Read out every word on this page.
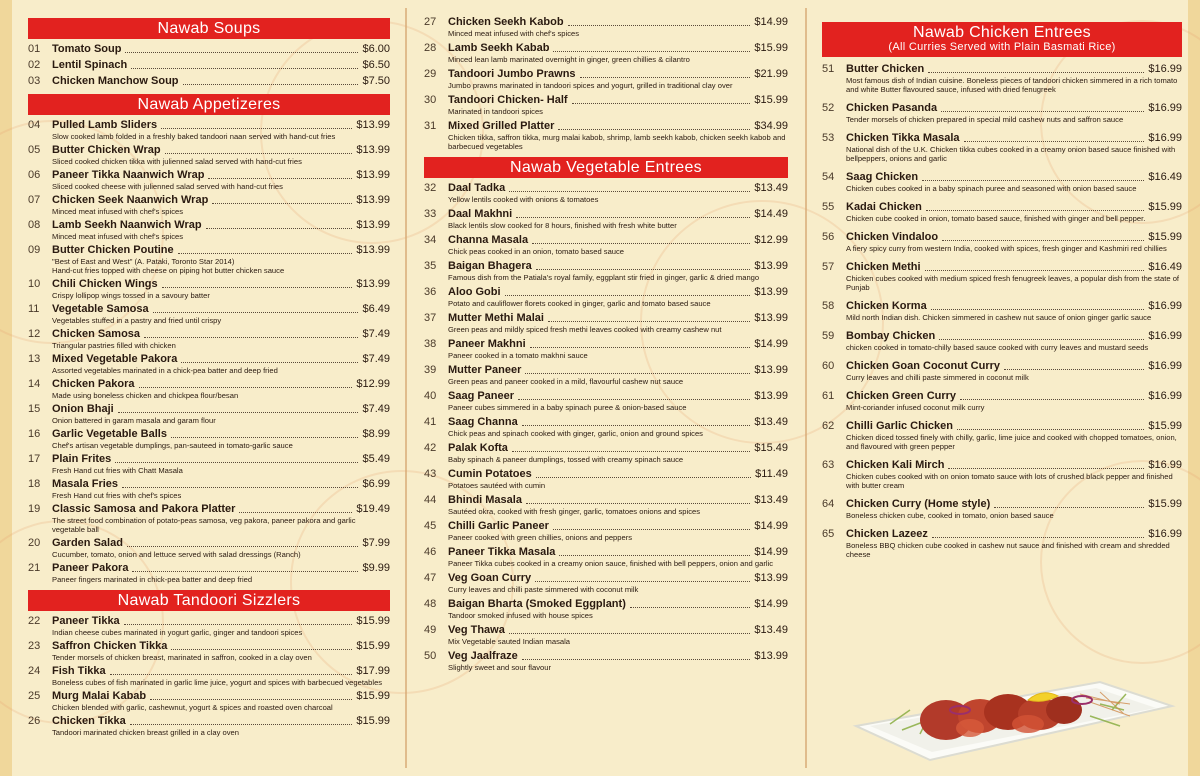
Nawab Soups
01	Tomato Soup	$6.00
02	Lentil Spinach	$6.50
03	Chicken Manchow Soup	$7.50
Nawab Appetizeres
04	Pulled Lamb Sliders	$13.99
Slow cooked lamb folded in a freshly baked tandoori naan served with hand-cut fries
05	Butter Chicken Wrap	$13.99
Sliced cooked chicken tikka with julienned salad served with hand-cut fries
06	Paneer Tikka Naanwich Wrap	$13.99
Sliced cooked cheese with julienned salad served with hand-cut fries
07	Chicken Seek Naanwich Wrap	$13.99
Minced meat infused with chef's spices
08	Lamb Seekh Naanwich Wrap	$13.99
Minced meat infused with chef's spices
09	Butter Chicken Poutine	$13.99
"Best of East and West" (A. Pataki, Toronto Star 2014)
Hand-cut fries topped with cheese on piping hot butter chicken sauce
10	Chili Chicken Wings	$13.99
Crispy lollipop wings tossed in a savoury batter
11	Vegetable Samosa	$6.49
Vegetables stuffed in a pastry and fried until crispy
12	Chicken Samosa	$7.49
Triangular pastries filled with chicken
13	Mixed Vegetable Pakora	$7.49
Assorted vegetables marinated in a chick-pea batter and deep fried
14	Chicken Pakora	$12.99
Made using boneless chicken and chickpea flour/besan
15	Onion Bhaji	$7.49
Onion battered in garam masala and garam flour
16	Garlic Vegetable Balls	$8.99
Chef's artisan vegetable dumplings, pan-sauteed in tomato-garlic sauce
17	Plain Frites	$5.49
Fresh Hand cut fries with Chatt Masala
18	Masala Fries	$6.99
Fresh Hand cut fries with chef's spices
19	Classic Samosa and Pakora Platter	$19.49
The street food combination of potato-peas samosa, veg pakora, paneer pakora and garlic vegetable ball
20	Garden Salad	$7.99
Cucumber, tomato, onion and lettuce served with salad dressings (Ranch)
21	Paneer Pakora	$9.99
Paneer fingers marinated in chick-pea batter and deep fried
Nawab Tandoori Sizzlers
22	Paneer Tikka	$15.99
Indian cheese cubes marinated in yogurt garlic, ginger and tandoori spices
23	Saffron Chicken Tikka	$15.99
Tender morsels of chicken breast, marinated in saffron, cooked in a clay oven
24	Fish Tikka	$17.99
Boneless cubes of fish marinated in garlic lime juice, yogurt and spices with barbecued vegetables
25	Murg Malai Kabab	$15.99
Chicken blended with garlic, cashewnut, yogurt & spices and roasted oven charcoal
26	Chicken Tikka	$15.99
Tandoori marinated chicken breast grilled in a clay oven
27	Chicken Seekh Kabob	$14.99
Minced meat infused with chef's spices
28	Lamb Seekh Kabab	$15.99
Minced lean lamb marinated overnight in ginger, green chillies & cilantro
29	Tandoori Jumbo Prawns	$21.99
Jumbo prawns marinated in tandoori spices and yogurt, grilled in traditional clay over
30	Tandoori Chicken- Half	$15.99
Marinated in tandoori spices
31	Mixed Grilled Platter	$34.99
Chicken tikka, saffron tikka, murg malai kabob, shrimp, lamb seekh kabob, chicken seekh kabob and barbecued vegetables
Nawab Vegetable Entrees
32	Daal Tadka	$13.49
Yellow lentils cooked with onions & tomatoes
33	Daal Makhni	$14.49
Black lentils slow cooked for 8 hours, finished with fresh white butter
34	Channa Masala	$12.99
Chick peas cooked in an onion, tomato based sauce
35	Baigan Bhagera	$13.99
Famous dish from the Patiala's royal family, eggplant stir fried in ginger, garlic & dried mango
36	Aloo Gobi	$13.99
Potato and cauliflower florets cooked in ginger, garlic and tomato based sauce
37	Mutter Methi Malai	$13.99
Green peas and mildly spiced fresh methi leaves cooked with creamy cashew nut
38	Paneer Makhni	$14.99
Paneer cooked in a tomato makhni sauce
39	Mutter Paneer	$13.99
Green peas and paneer cooked in a mild, flavourful cashew nut sauce
40	Saag Paneer	$13.99
Paneer cubes simmered in a baby spinach puree & onion-based sauce
41	Saag Channa	$13.49
Chick peas and spinach cooked with ginger, garlic, onion and ground spices
42	Palak Kofta	$15.49
Baby spinach & paneer dumplings, tossed with creamy spinach sauce
43	Cumin Potatoes	$11.49
Potatoes sautéed with cumin
44	Bhindi Masala	$13.49
Sautéed okra, cooked with fresh ginger, garlic, tomatoes onions and spices
45	Chilli Garlic Paneer	$14.99
Paneer cooked with green chillies, onions and peppers
46	Paneer Tikka Masala	$14.99
Paneer Tikka cubes cooked in a creamy onion sauce, finished with bell peppers, onion and garlic
47	Veg Goan Curry	$13.99
Curry leaves and chilli paste simmered with coconut milk
48	Baigan Bharta (Smoked Eggplant)	$14.99
Tandoor smoked infused with house spices
49	Veg Thawa	$13.49
Mix Vegetable sauted Indian masala
50	Veg Jaalfraze	$13.99
Slightly sweet and sour flavour
Nawab Chicken Entrees
(All Curries Served with Plain Basmati Rice)
51	Butter Chicken	$16.99
Most famous dish of Indian cuisine. Boneless pieces of tandoori chicken simmered in a rich tomato and white Butter flavoured sauce, infused with dried fenugreek
52	Chicken Pasanda	$16.99
Tender morsels of chicken prepared in special mild cashew nuts and saffron sauce
53	Chicken Tikka Masala	$16.99
National dish of the U.K. Chicken tikka cubes cooked in a creamy onion based sauce finished with bellpeppers, onions and garlic
54	Saag Chicken	$16.49
Chicken cubes cooked in a baby spinach puree and seasoned with onion based sauce
55	Kadai Chicken	$15.99
Chicken cube cooked in onion, tomato based sauce, finished with ginger and bell pepper.
56	Chicken Vindaloo	$15.99
A fiery spicy curry from western India, cooked with spices, fresh ginger and Kashmiri red chillies
57	Chicken Methi	$16.49
Chicken cubes cooked with medium spiced fresh fenugreek leaves, a popular dish from the state of Punjab
58	Chicken Korma	$16.99
Mild north Indian dish. Chicken simmered in cashew nut sauce of onion ginger garlic sauce
59	Bombay Chicken	$16.99
chicken cooked in tomato-chilly based sauce cooked with curry leaves and mustard seeds
60	Chicken Goan Coconut Curry	$16.99
Curry leaves and chilli paste simmered in coconut milk
61	Chicken Green Curry	$16.99
Mint-coriander infused coconut milk curry
62	Chilli Garlic Chicken	$15.99
Chicken diced tossed finely with chilly, garlic, lime juice and cooked with chopped tomatoes, onion, and flavoured with green pepper
63	Chicken Kali Mirch	$16.99
Chicken cubes cooked with on onion tomato sauce with lots of crushed black pepper and finished with butter cream
64	Chicken Curry (Home style)	$15.99
Boneless chicken cube, cooked in tomato, onion based sauce
65	Chicken Lazeez	$16.99
Boneless BBQ chicken cube cooked in cashew nut sauce and finished with cream and shredded cheese
